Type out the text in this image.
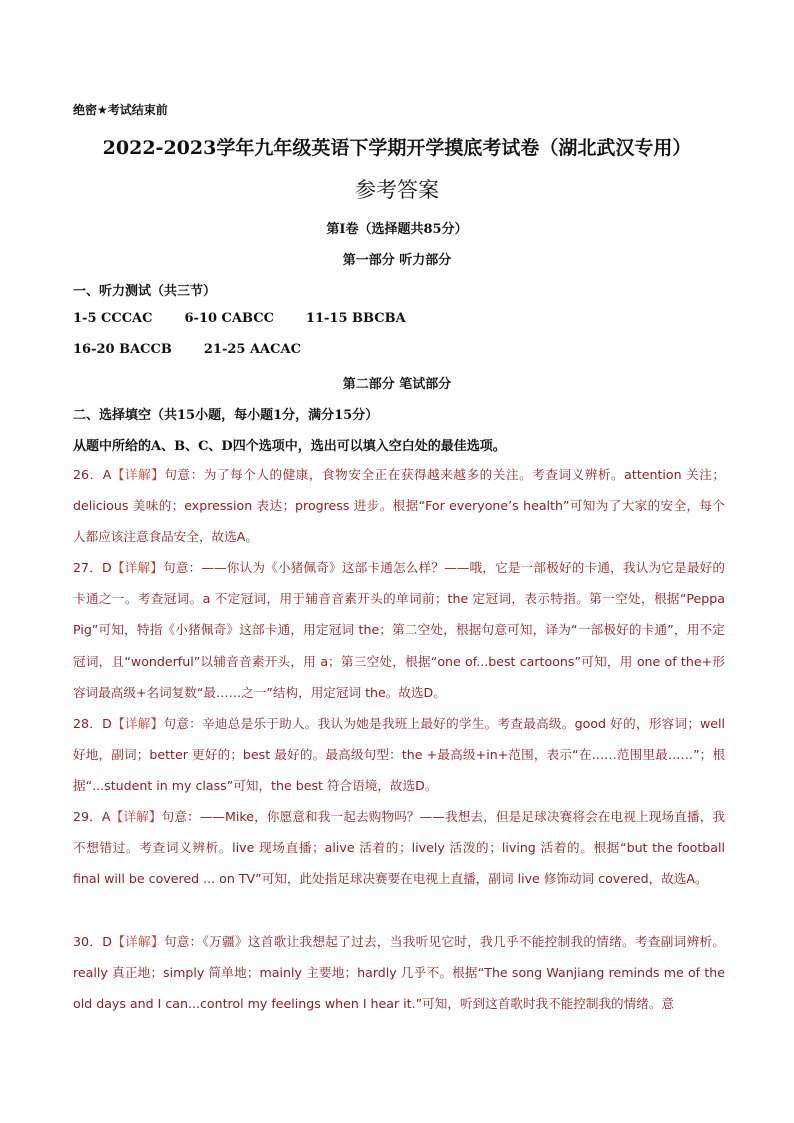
绝密★考试结束前
2022-2023学年九年级英语下学期开学摸底考试卷（湖北武汉专用）
参考答案
第Ⅰ卷（选择题共85分）
第一部分 听力部分
一、听力测试（共三节）
1-5 CCCAC 6-10 CABCC 11-15 BBCBA
16-20 BACCB 21-25 AACAC
第二部分 笔试部分
二、选择填空（共15小题，每小题1分，满分15分）
从题中所给的A、B、C、D四个选项中，选出可以填入空白处的最佳选项。
26．A【详解】句意：为了每个人的健康，食物安全正在获得越来越多的关注。考查词义辨析。attention 关注；delicious 美味的；expression 表达；progress 进步。根据“For everyone’s health”可知为了大家的安全，每个人都应该注意食品安全，故选A。
27．D【详解】句意：——你认为《小猪佩奇》这部卡通怎么样？——哦，它是一部极好的卡通，我认为它是最好的卡通之一。考查冠词。a 不定冠词，用于辅音音素开头的单词前；the 定冠词，表示特指。第一空处，根据“Peppa Pig”可知，特指《小猪佩奇》这部卡通，用定冠词 the；第二空处，根据句意可知，译为“一部极好的卡通”，用不定冠词，且“wonderful”以辅音音素开头，用 a；第三空处，根据“one of...best cartoons”可知，用 one of the+形容词最高级+名词复数“最……之一”结构，用定冠词 the。故选D。
28．D【详解】句意：辛迪总是乐于助人。我认为她是我班上最好的学生。考查最高级。good 好的，形容词；well 好地，副词；better 更好的；best 最好的。最高级句型：the +最高级+in+范围，表示“在……范围里最……”；根据“...student in my class”可知，the best 符合语境，故选D。
29．A【详解】句意：——Mike，你愿意和我一起去购物吗？——我想去，但是足球决赛将会在电视上现场直播，我不想错过。考查词义辨析。live 现场直播；alive 活着的；lively 活泼的；living 活着的。根据“but the football final will be covered ... on TV”可知，此处指足球决赛要在电视上直播，副词 live 修饰动词 covered，故选A。
30．D【详解】句意：《万疆》这首歌让我想起了过去，当我听见它时，我几乎不能控制我的情绪。考查副词辨析。really 真正地；simply 简单地；mainly 主要地；hardly 几乎不。根据“The song Wanjiang reminds me of the old days and I can...control my feelings when I hear it.”可知，听到这首歌时我不能控制我的情绪。意
